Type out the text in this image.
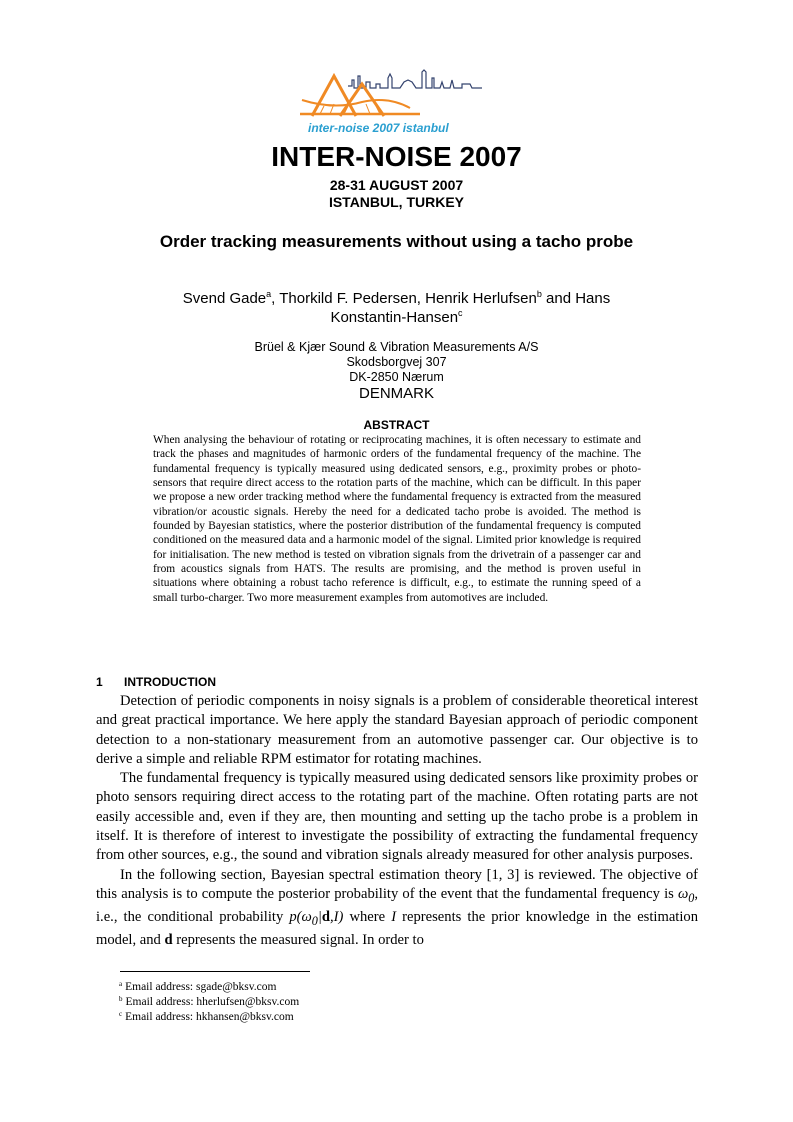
inter-noise 2007 istanbul
INTER-NOISE 2007
28-31 AUGUST 2007
ISTANBUL, TURKEY
Order tracking measurements without using a tacho probe
Svend Gade$^a$, Thorkild F. Pedersen, Henrik Herlufsen$^b$ and Hans
Konstantin-Hansen$^c$
Brüel & Kjær Sound & Vibration Measurements A/S
Skodsborgvej 307
DK-2850 Nærum
DENMARK
ABSTRACT
When analysing the behaviour of rotating or reciprocating machines, it is often necessary to estimate and track the phases and magnitudes of harmonic orders of the fundamental frequency of the machine. The fundamental frequency is typically measured using dedicated sensors, e.g., proximity probes or photo-sensors that require direct access to the rotation parts of the machine, which can be difficult. In this paper we propose a new order tracking method where the fundamental frequency is extracted from the measured vibration/or acoustic signals. Hereby the need for a dedicated tacho probe is avoided. The method is founded by Bayesian statistics, where the posterior distribution of the fundamental frequency is computed conditioned on the measured data and a harmonic model of the signal. Limited prior knowledge is required for initialisation. The new method is tested on vibration signals from the drivetrain of a passenger car and from acoustics signals from HATS. The results are promising, and the method is proven useful in situations where obtaining a robust tacho reference is difficult, e.g., to estimate the running speed of a small turbo-charger. Two more measurement examples from automotives are included.
1 INTRODUCTION

Detection of periodic components in noisy signals is a problem of considerable theoretical interest and great practical importance. We here apply the standard Bayesian approach of periodic component detection to a non-stationary measurement from an automotive passenger car. Our objective is to derive a simple and reliable RPM estimator for rotating machines.

The fundamental frequency is typically measured using dedicated sensors like proximity probes or photo sensors requiring direct access to the rotating part of the machine. Often rotating parts are not easily accessible and, even if they are, then mounting and setting up the tacho probe is a problem in itself. It is therefore of interest to investigate the possibility of extracting the fundamental frequency from other sources, e.g., the sound and vibration signals already measured for other analysis purposes.

In the following section, Bayesian spectral estimation theory [1, 3] is reviewed. The objective of this analysis is to compute the posterior probability of the event that the fundamental frequency is $\omega_0$, i.e., the conditional probability $p(\omega_0|d,I)$ where I represents the prior knowledge in the estimation model, and d represents the measured signal. In order to

$^a$ Email address: sgade@bksv.com
$^b$ Email address: hherlufsen@bksv.com
$^c$ Email address: hkhansen@bksv.com
